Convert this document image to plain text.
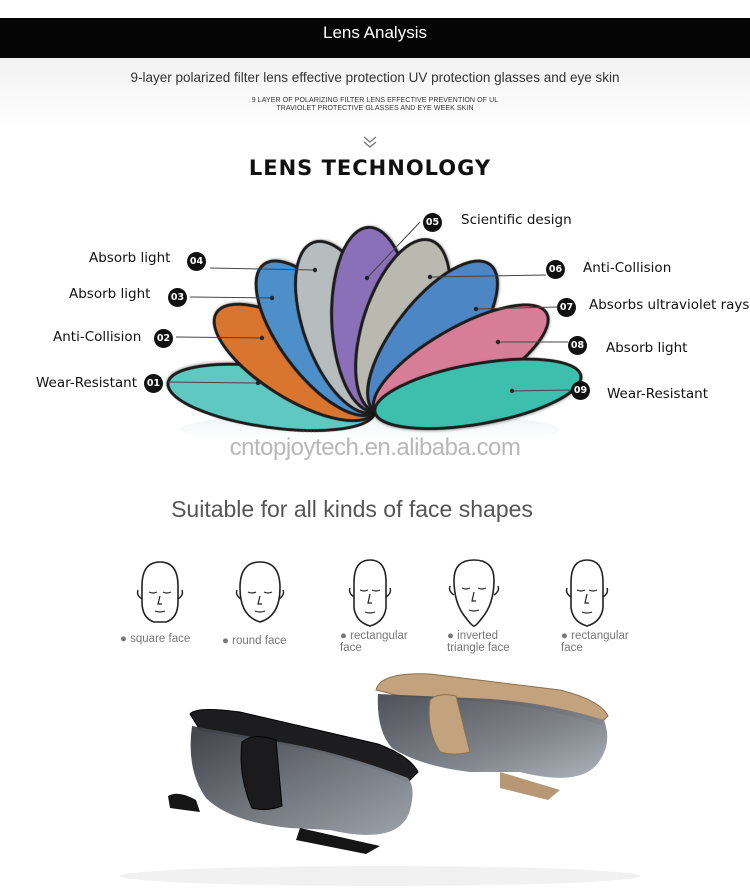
Lens Analysis
9-layer polarized filter lens effective protection UV protection glasses and eye skin
9 LAYER OF POLARIZING FILTER LENS EFFECTIVE PREVENTION OF UL
TRAVIOLET PROTECTIVE GLASSES AND EYE WEEK SKIN
LENS TECHNOLOGY
Absorb light	04
Absorb light	03
Anti-Collision	02
Wear-Resistant	01
05 Scientific design
06 Anti-Collision
07 Absorbs ultraviolet rays
08 Absorb light
09 Wear-Resistant
cntopjoytech.en.alibaba.com
Suitable for all kinds of face shapes
● square face	● round face	● rectangular
face
● inverted
triangle face
● rectangular
face
